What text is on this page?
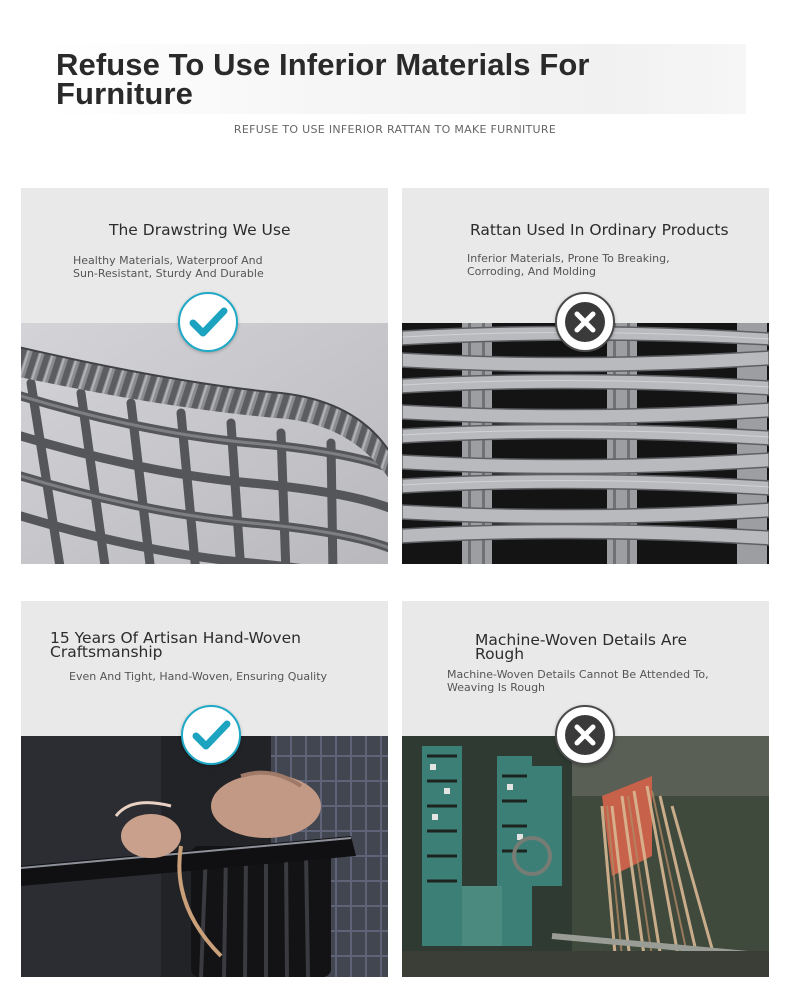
Refuse To Use Inferior Materials For Furniture
REFUSE TO USE INFERIOR RATTAN TO MAKE FURNITURE
The Drawstring We Use
Healthy Materials, Waterproof And Sun-Resistant, Sturdy And Durable
Rattan Used In Ordinary Products
Inferior Materials, Prone To Breaking, Corroding, And Molding
15 Years Of Artisan Hand-Woven Craftsmanship
Even And Tight, Hand-Woven, Ensuring Quality
Machine-Woven Details Are Rough
Machine-Woven Details Cannot Be Attended To, Weaving Is Rough
